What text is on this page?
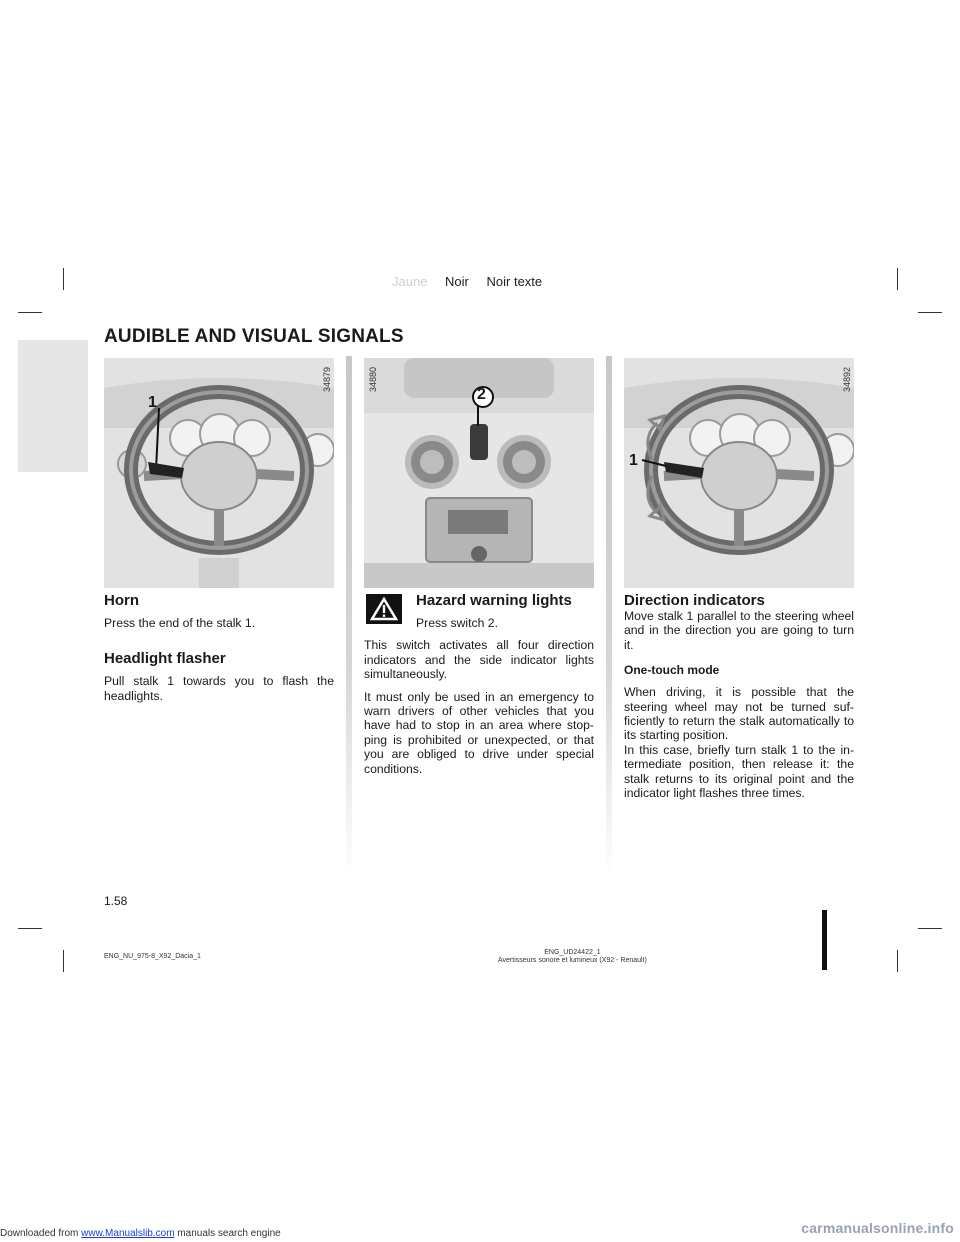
Jaune Noir Noir texte
AUDIBLE AND VISUAL SIGNALS
1
34879
2
34880
1
34892
Horn

Press the end of the stalk 1.

Headlight flasher

Pull stalk 1 towards you to flash the headlights.

Hazard warning lights

Press switch 2.

This switch activates all four direction indicators and the side indicator lights simultaneously.

It must only be used in an emergency to warn drivers of other vehicles that you have had to stop in an area where stop-ping is prohibited or unexpected, or that you are obliged to drive under special conditions.

Direction indicators

Move stalk 1 parallel to the steering wheel and in the direction you are going to turn it.

One-touch mode

When driving, it is possible that the steering wheel may not be turned suf-ficiently to return the stalk automatically to its starting position.

In this case, briefly turn stalk 1 to the in-termediate position, then release it: the stalk returns to its original point and the indicator light flashes three times.

1.58
ENG_NU_975-8_X92_Dacia_1
ENG_UD24422_1
Avertisseurs sonore et lumineux (X92 - Renault)
Downloaded from www.Manualslib.com manuals search engine	carmanualsonline.info
